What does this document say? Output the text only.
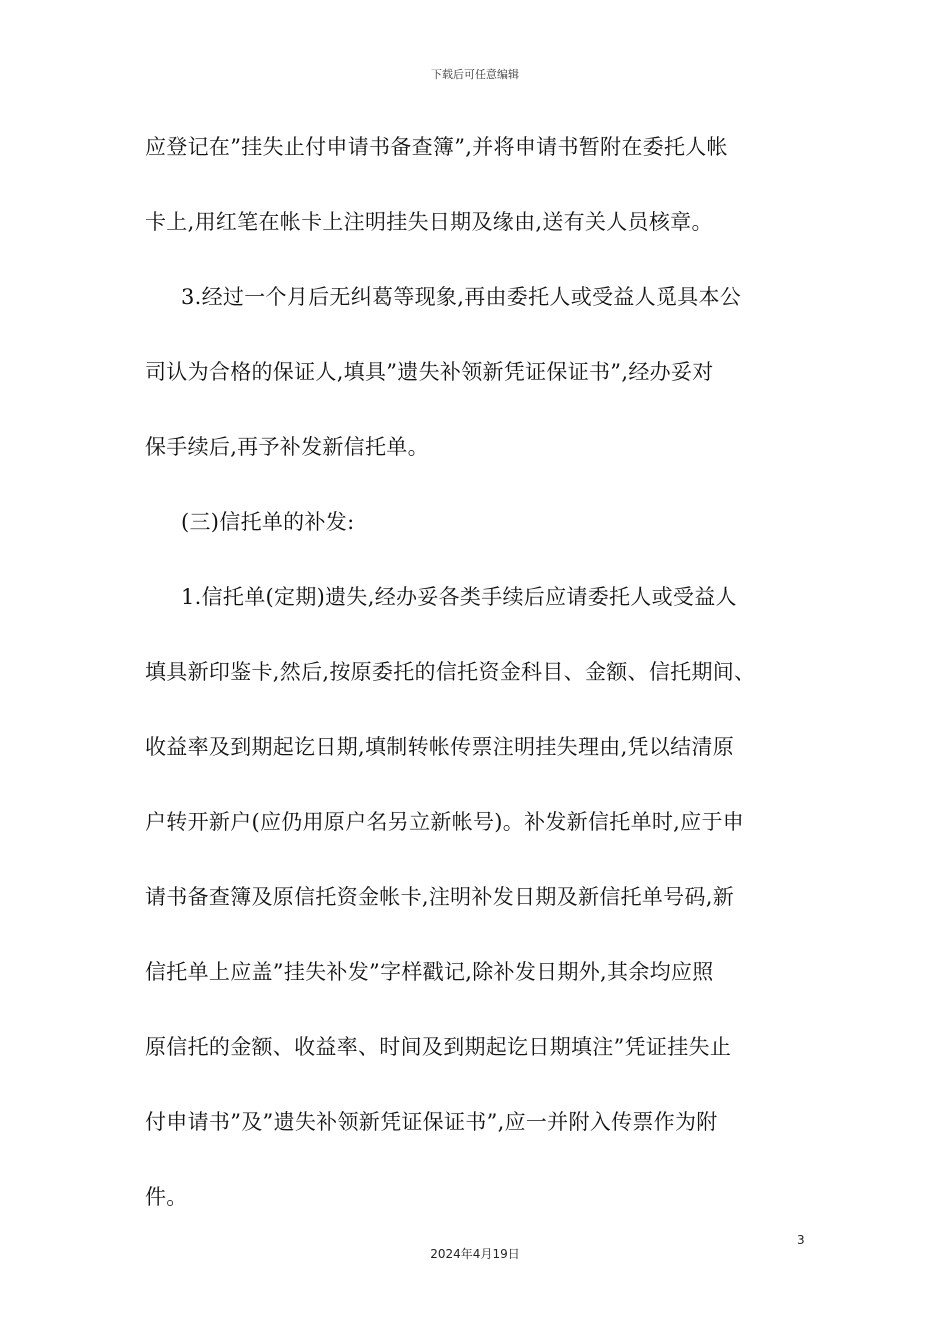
下载后可任意编辑
应登记在”挂失止付申请书备查簿”,并将申请书暂附在委托人帐
卡上,用红笔在帐卡上注明挂失日期及缘由,送有关人员核章。
3.经过一个月后无纠葛等现象,再由委托人或受益人觅具本公
司认为合格的保证人,填具”遗失补领新凭证保证书”,经办妥对
保手续后,再予补发新信托单。
(三)信托单的补发:
1.信托单(定期)遗失,经办妥各类手续后应请委托人或受益人
填具新印鉴卡,然后,按原委托的信托资金科目、金额、信托期间、
收益率及到期起讫日期,填制转帐传票注明挂失理由,凭以结清原
户转开新户(应仍用原户名另立新帐号)。补发新信托单时,应于申
请书备查簿及原信托资金帐卡,注明补发日期及新信托单号码,新
信托单上应盖”挂失补发”字样戳记,除补发日期外,其余均应照
原信托的金额、收益率、时间及到期起讫日期填注”凭证挂失止
付申请书”及”遗失补领新凭证保证书”,应一并附入传票作为附
件。
3
2024年4月19日
